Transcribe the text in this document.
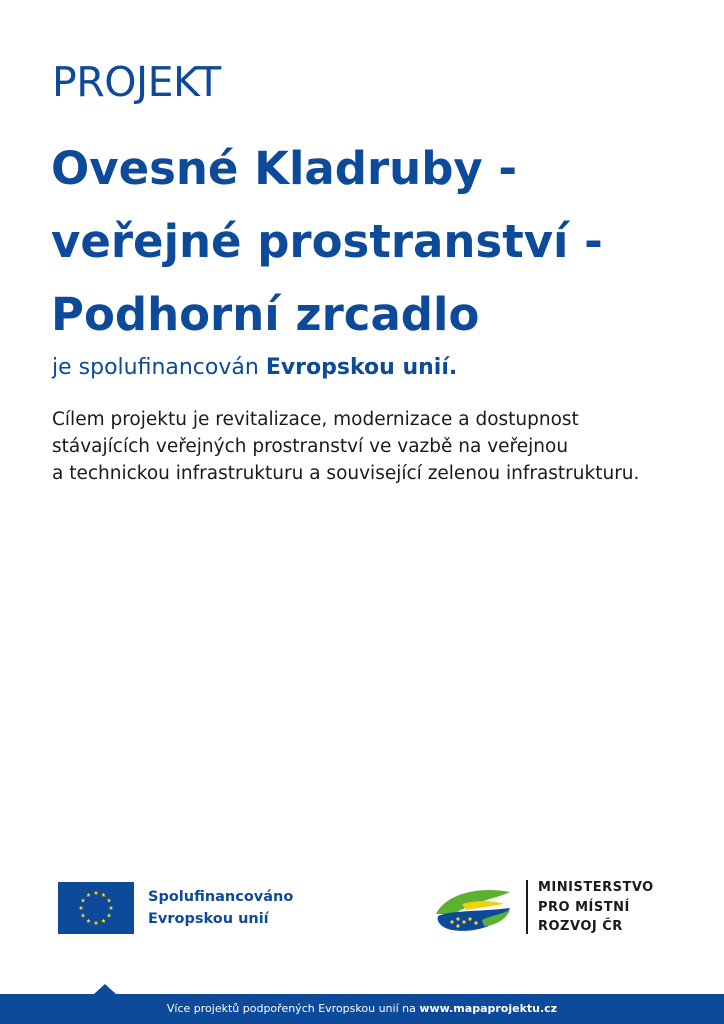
PROJEKT
Ovesné Kladruby -
veřejné prostranství -
Podhorní zrcadlo

je spolufinancován Evropskou unií.

Cílem projektu je revitalizace, modernizace a dostupnost
stávajících veřejných prostranství ve vazbě na veřejnou
a technickou infrastrukturu a související zelenou infrastrukturu.

Spolufinancováno
Evropskou unií
MINISTERSTVO
PRO MÍSTNÍ
ROZVOJ ČR
Více projektů podpořených Evropskou unií na www.mapaprojektu.cz
